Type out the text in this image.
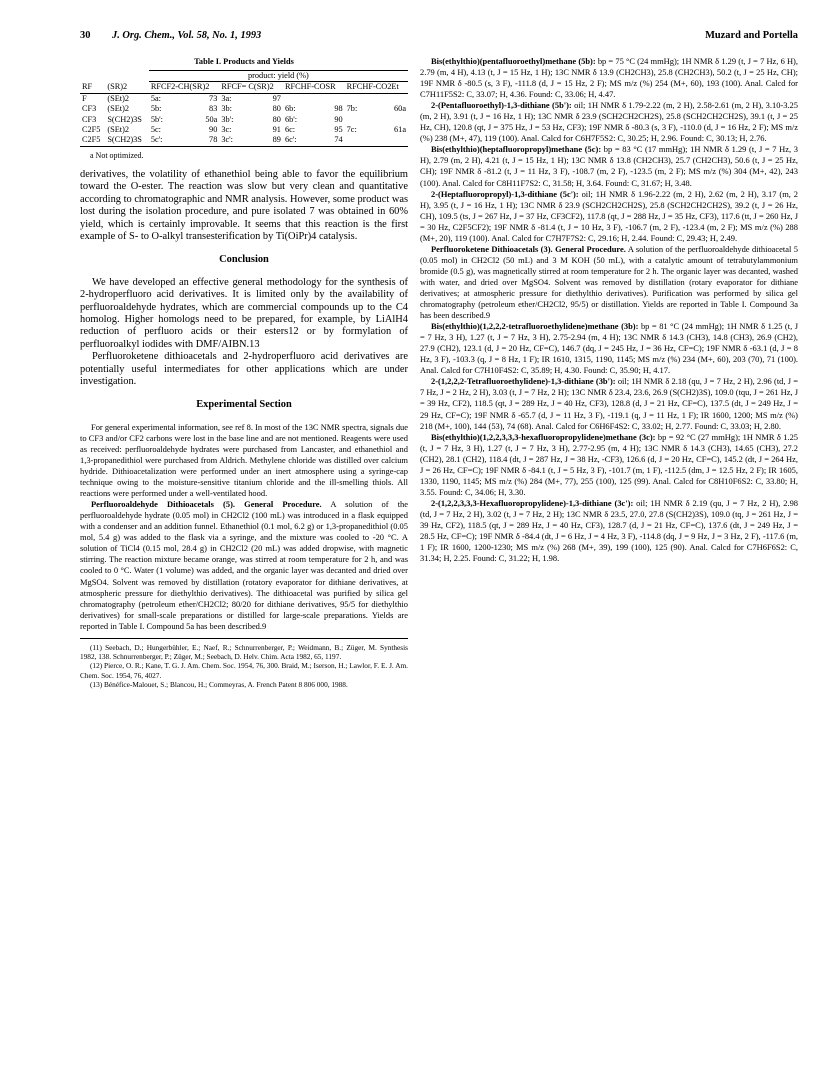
30 J. Org. Chem., Vol. 58, No. 1, 1993	Muzard and Portella
Table I. Products and Yields
		product: yield (%)							
RF	(SR)2	RFCF2-CH(SR)2		RFCF= C(SR)2		RFCHF-COSR		RFCHF-CO2Et	
F	(SEt)2	5a:	73	3a:	97				
CF3	(SEt)2	5b:	83	3b:	80	6b:	98	7b:	60a
CF3	S(CH2)3S	5b':	50a	3b':	80	6b':	90		
C2F5	(SEt)2	5c:	90	3c:	91	6c:	95	7c:	61a
C2F5	S(CH2)3S	5c':	78	3c':	89	6c':	74		
a Not optimized.

derivatives, the volatility of ethanethiol being able to favor the equilibrium toward the O-ester. The reaction was slow but very clean and quantitative according to chromatographic and NMR analysis. However, some product was lost during the isolation procedure, and pure isolated 7 was obtained in 60% yield, which is certainly improvable. It seems that this reaction is the first example of S- to O-alkyl transesterification by Ti(OiPr)4 catalysis.

Conclusion

We have developed an effective general methodology for the synthesis of 2-hydroperfluoro acid derivatives. It is limited only by the availability of perfluoroaldehyde hydrates, which are commercial compounds up to the C4 homolog. Higher homologs need to be prepared, for example, by LiAlH4 reduction of perfluoro acids or their esters12 or by formylation of perfluoroalkyl iodides with DMF/AIBN.13

Perfluoroketene dithioacetals and 2-hydroperfluoro acid derivatives are potentially useful intermediates for other applications which are under investigation.

Experimental Section

For general experimental information, see ref 8. In most of the 13C NMR spectra, signals due to CF3 and/or CF2 carbons were lost in the base line and are not mentioned. Reagents were used as received: perfluoroaldehyde hydrates were purchased from Lancaster, and ethanethiol and 1,3-propanedithiol were purchased from Aldrich. Methylene chloride was distilled over calcium hydride. Dithioacetalization were performed under an inert atmosphere using a syringe-cap technique owing to the moisture-sensitive titanium chloride and the ill-smelling thiols. All reactions were performed under a well-ventilated hood.

Perfluoroaldehyde Dithioacetals (5). General Procedure. A solution of the perfluoroaldehyde hydrate (0.05 mol) in CH2Cl2 (100 mL) was introduced in a flask equipped with a condenser and an addition funnel. Ethanethiol (0.1 mol, 6.2 g) or 1,3-propanedithiol (0.05 mol, 5.4 g) was added to the flask via a syringe, and the mixture was cooled to -20 °C. A solution of TiCl4 (0.15 mol, 28.4 g) in CH2Cl2 (20 mL) was added dropwise, with magnetic stirring. The reaction mixture became orange, was stirred at room temperature for 2 h, and was cooled to 0 °C. Water (1 volume) was added, and the organic layer was decanted and dried over MgSO4. Solvent was removed by distillation (rotatory evaporator for dithiane derivatives, at atmospheric pressure for diethylthio derivatives). The dithioacetal was purified by silica gel chromatography (petroleum ether/CH2Cl2; 80/20 for dithiane derivatives, 95/5 for diethylthio derivatives) for small-scale preparations or distilled for large-scale preparations. Yields are reported in Table I. Compound 5a has been described.9

(11) Seebach, D.; Hungerbühler, E.; Naef, R.; Schnurrenberger, P.; Weidmann, B.; Züger, M. Synthesis 1982, 138. Schnurrenberger, P.; Züger, M.; Seebach, D. Helv. Chim. Acta 1982, 65, 1197.
(12) Pierce, O. R.; Kane, T. G. J. Am. Chem. Soc. 1954, 76, 300. Braid, M.; Iserson, H.; Lawlor, F. E. J. Am. Chem. Soc. 1954, 76, 4027.
(13) Bénéfice-Malouet, S.; Blancou, H.; Commeyras, A. French Patent 8 806 000, 1988.

Bis(ethylthio)(pentafluoroethyl)methane (5b): bp = 75 °C (24 mmHg); 1H NMR δ 1.29 (t, J = 7 Hz, 6 H), 2.79 (m, 4 H), 4.13 (t, J = 15 Hz, 1 H); 13C NMR δ 13.9 (CH2CH3), 25.8 (CH2CH3), 50.2 (t, J = 25 Hz, CH); 19F NMR δ -80.5 (s, 3 F), -111.8 (d, J = 15 Hz, 2 F); MS m/z (%) 254 (M+, 60), 193 (100). Anal. Calcd for C7H11F5S2: C, 33.07; H, 4.36. Found: C, 33.06; H, 4.47.

2-(Pentafluoroethyl)-1,3-dithiane (5b'): oil; 1H NMR δ 1.79-2.22 (m, 2 H), 2.58-2.61 (m, 2 H), 3.10-3.25 (m, 2 H), 3.91 (t, J = 16 Hz, 1 H); 13C NMR δ 23.9 (SCH2CH2CH2S), 25.8 (SCH2CH2CH2S), 39.1 (t, J = 25 Hz, CH), 120.8 (qt, J = 375 Hz, J = 53 Hz, CF3); 19F NMR δ -80.3 (s, 3 F), -110.0 (d, J = 16 Hz, 2 F); MS m/z (%) 238 (M+, 47), 119 (100). Anal. Calcd for C6H7F5S2: C, 30.25; H, 2.96. Found: C, 30.13; H, 2.76.

Bis(ethylthio)(heptafluoropropyl)methane (5c): bp = 83 °C (17 mmHg); 1H NMR δ 1.29 (t, J = 7 Hz, 3 H), 2.79 (m, 2 H), 4.21 (t, J = 15 Hz, 1 H); 13C NMR δ 13.8 (CH2CH3), 25.7 (CH2CH3), 50.6 (t, J = 25 Hz, CH); 19F NMR δ -81.2 (t, J = 11 Hz, 3 F), -108.7 (m, 2 F), -123.5 (m, 2 F); MS m/z (%) 304 (M+, 42), 243 (100). Anal. Calcd for C8H11F7S2: C, 31.58; H, 3.64. Found: C, 31.67; H, 3.48.

2-(Heptafluoropropyl)-1,3-dithiane (5c'): oil; 1H NMR δ 1.96-2.22 (m, 2 H), 2.62 (m, 2 H), 3.17 (m, 2 H), 3.95 (t, J = 16 Hz, 1 H); 13C NMR δ 23.9 (SCH2CH2CH2S), 25.8 (SCH2CH2CH2S), 39.2 (t, J = 26 Hz, CH), 109.5 (ts, J = 267 Hz, J = 37 Hz, CF3CF2), 117.8 (qt, J = 288 Hz, J = 35 Hz, CF3), 117.6 (tt, J = 260 Hz, J = 30 Hz, C2F5CF2); 19F NMR δ -81.4 (t, J = 10 Hz, 3 F), -106.7 (m, 2 F), -123.4 (m, 2 F); MS m/z (%) 288 (M+, 20), 119 (100). Anal. Calcd for C7H7F7S2: C, 29.16; H, 2.44. Found: C, 29.43; H, 2.49.

Perfluoroketene Dithioacetals (3). General Procedure. A solution of the perfluoroaldehyde dithioacetal 5 (0.05 mol) in CH2Cl2 (50 mL) and 3 M KOH (50 mL), with a catalytic amount of tetrabutylammonium bromide (0.5 g), was magnetically stirred at room temperature for 2 h. The organic layer was decanted, washed with water, and dried over MgSO4. Solvent was removed by distillation (rotary evaporator for dithiane derivatives; at atmospheric pressure for diethylthio derivatives). Purification was performed by silica gel chromatography (petroleum ether/CH2Cl2, 95/5) or distillation. Yields are reported in Table I. Compound 3a has been described.9

Bis(ethylthio)(1,2,2,2-tetrafluoroethylidene)methane (3b): bp = 81 °C (24 mmHg); 1H NMR δ 1.25 (t, J = 7 Hz, 3 H), 1.27 (t, J = 7 Hz, 3 H), 2.75-2.94 (m, 4 H); 13C NMR δ 14.3 (CH3), 14.8 (CH3), 26.9 (CH2), 27.9 (CH2), 123.1 (d, J = 20 Hz, CF=C), 146.7 (dq, J = 245 Hz, J = 36 Hz, CF=C); 19F NMR δ -63.1 (d, J = 8 Hz, 3 F), -103.3 (q, J = 8 Hz, 1 F); IR 1610, 1315, 1190, 1145; MS m/z (%) 234 (M+, 60), 203 (70), 71 (100). Anal. Calcd for C7H10F4S2: C, 35.89; H, 4.30. Found: C, 35.90; H, 4.17.

2-(1,2,2,2-Tetrafluoroethylidene)-1,3-dithiane (3b'): oil; 1H NMR δ 2.18 (qu, J = 7 Hz, 2 H), 2.96 (td, J = 7 Hz, J = 2 Hz, 2 H), 3.03 (t, J = 7 Hz, 2 H); 13C NMR δ 23.4, 23.6, 26.9 (S(CH2)3S), 109.0 (tqu, J = 261 Hz, J = 39 Hz, CF2), 118.5 (qt, J = 289 Hz, J = 40 Hz, CF3), 128.8 (d, J = 21 Hz, CF=C), 137.5 (dt, J = 249 Hz, J = 29 Hz, CF=C); 19F NMR δ -65.7 (d, J = 11 Hz, 3 F), -119.1 (q, J = 11 Hz, 1 F); IR 1600, 1200; MS m/z (%) 218 (M+, 100), 144 (53), 74 (68). Anal. Calcd for C6H6F4S2: C, 33.02; H, 2.77. Found: C, 33.03; H, 2.80.

Bis(ethylthio)(1,2,2,3,3,3-hexafluoropropylidene)methane (3c): bp = 92 °C (27 mmHg); 1H NMR δ 1.25 (t, J = 7 Hz, 3 H), 1.27 (t, J = 7 Hz, 3 H), 2.77-2.95 (m, 4 H); 13C NMR δ 14.3 (CH3), 14.65 (CH3), 27.2 (CH2), 28.1 (CH2), 118.4 (dt, J = 287 Hz, J = 38 Hz, -CF3), 126.6 (d, J = 20 Hz, CF=C), 145.2 (dt, J = 264 Hz, J = 26 Hz, CF=C); 19F NMR δ -84.1 (t, J = 5 Hz, 3 F), -101.7 (m, 1 F), -112.5 (dm, J = 12.5 Hz, 2 F); IR 1605, 1330, 1190, 1145; MS m/z (%) 284 (M+, 77), 255 (100), 125 (99). Anal. Calcd for C8H10F6S2: C, 33.80; H, 3.55. Found: C, 34.06; H, 3.30.

2-(1,2,2,3,3,3-Hexafluoropropylidene)-1,3-dithiane (3c'): oil; 1H NMR δ 2.19 (qu, J = 7 Hz, 2 H), 2.98 (td, J = 7 Hz, 2 H), 3.02 (t, J = 7 Hz, 2 H); 13C NMR δ 23.5, 27.0, 27.8 (S(CH2)3S), 109.0 (tq, J = 261 Hz, J = 39 Hz, CF2), 118.5 (qt, J = 289 Hz, J = 40 Hz, CF3), 128.7 (d, J = 21 Hz, CF=C), 137.6 (dt, J = 249 Hz, J = 28.5 Hz, CF=C); 19F NMR δ -84.4 (dt, J = 6 Hz, J = 4 Hz, 3 F), -114.8 (dq, J = 9 Hz, J = 3 Hz, 2 F), -117.6 (m, 1 F); IR 1600, 1200-1230; MS m/z (%) 268 (M+, 39), 199 (100), 125 (90). Anal. Calcd for C7H6F6S2: C, 31.34; H, 2.25. Found: C, 31.22; H, 1.98.
